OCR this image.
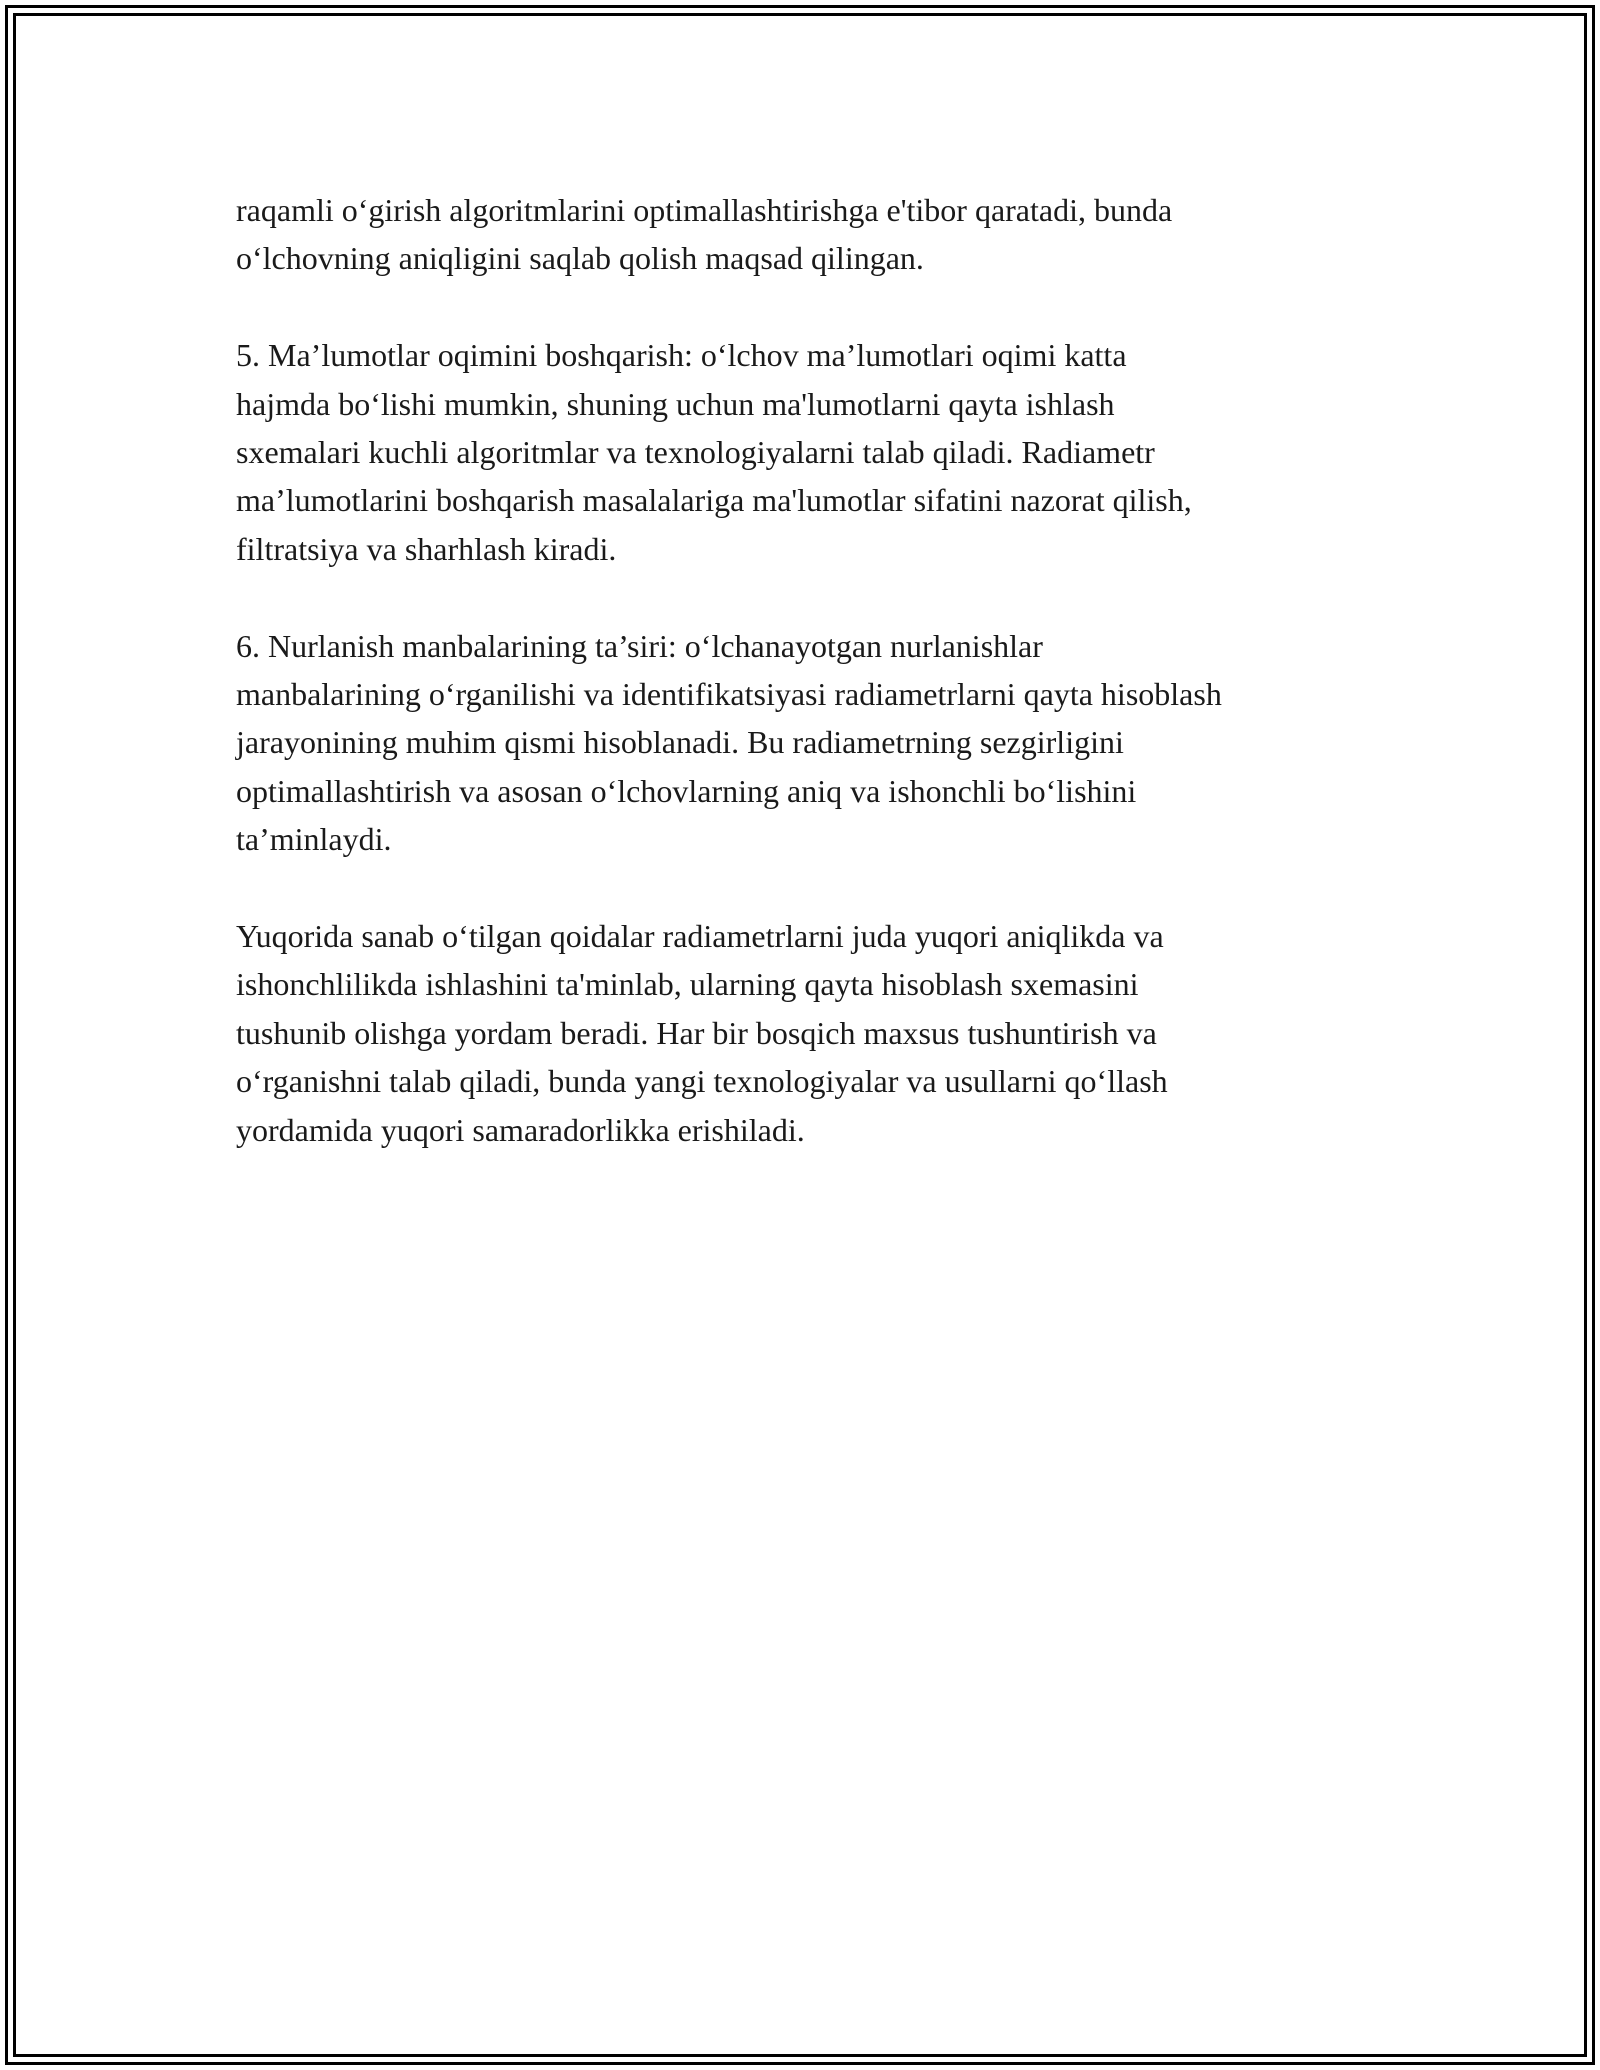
raqamli o‘girish algoritmlarini optimallashtirishga e'tibor qaratadi, bunda
o‘lchovning aniqligini saqlab qolish maqsad qilingan.

5. Ma’lumotlar oqimini boshqarish: o‘lchov ma’lumotlari oqimi katta
hajmda bo‘lishi mumkin, shuning uchun ma'lumotlarni qayta ishlash
sxemalari kuchli algoritmlar va texnologiyalarni talab qiladi. Radiametr
ma’lumotlarini boshqarish masalalariga ma'lumotlar sifatini nazorat qilish,
filtratsiya va sharhlash kiradi.

6. Nurlanish manbalarining ta’siri: o‘lchanayotgan nurlanishlar
manbalarining o‘rganilishi va identifikatsiyasi radiametrlarni qayta hisoblash
jarayonining muhim qismi hisoblanadi. Bu radiametrning sezgirligini
optimallashtirish va asosan o‘lchovlarning aniq va ishonchli bo‘lishini
ta’minlaydi.

Yuqorida sanab o‘tilgan qoidalar radiametrlarni juda yuqori aniqlikda va
ishonchlilikda ishlashini ta'minlab, ularning qayta hisoblash sxemasini
tushunib olishga yordam beradi. Har bir bosqich maxsus tushuntirish va
o‘rganishni talab qiladi, bunda yangi texnologiyalar va usullarni qo‘llash
yordamida yuqori samaradorlikka erishiladi.
